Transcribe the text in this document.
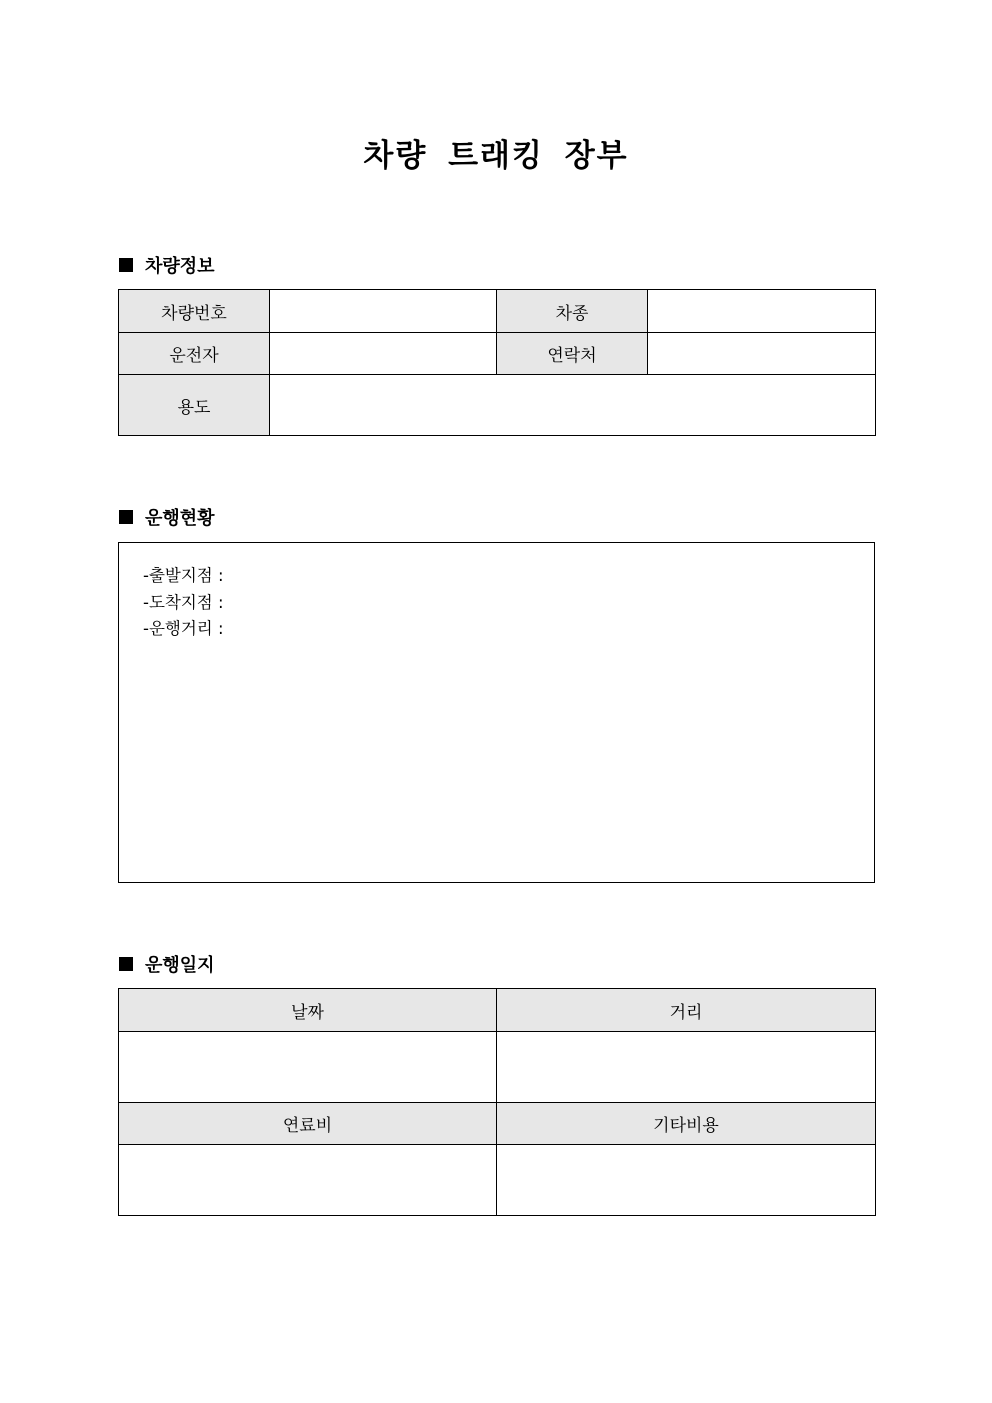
차량 트래킹 장부
차량정보
차량번호		차종	
운전자		연락처	
용도			
운행현황
-출발지점 :
-도착지점 :
-운행거리 :
운행일지
날짜	거리

연료비	기타비용
